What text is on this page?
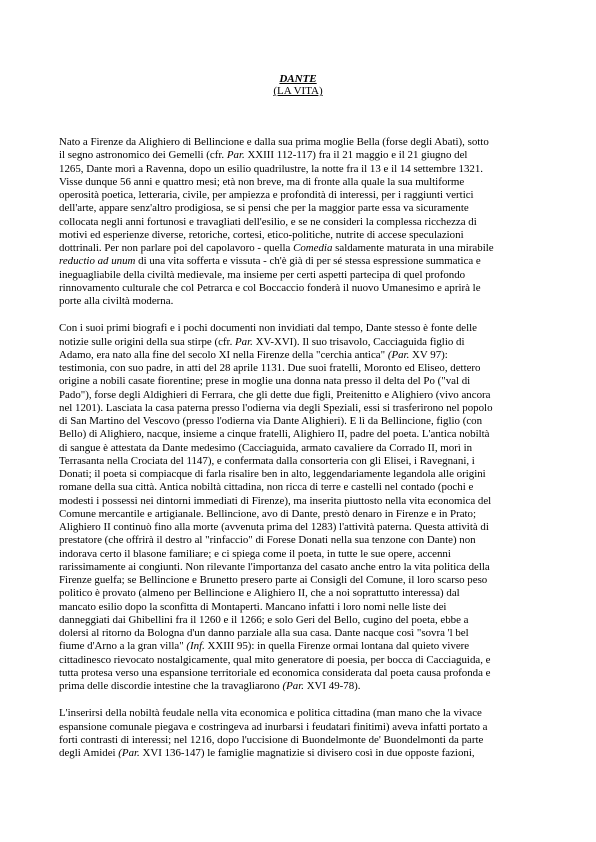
DANTE
(LA VITA)

Nato a Firenze da Alighiero di Bellincione e dalla sua prima moglie Bella (forse degli Abati), sotto
il segno astronomico dei Gemelli (cfr. Par. XXIII 112-117) fra il 21 maggio e il 21 giugno del
1265, Dante morì a Ravenna, dopo un esilio quadrilustre, la notte fra il 13 e il 14 settembre 1321.
Visse dunque 56 anni e quattro mesi; età non breve, ma di fronte alla quale la sua multiforme
operosità poetica, letteraria, civile, per ampiezza e profondità di interessi, per i raggiunti vertici
dell'arte, appare senz'altro prodigiosa, se si pensi che per la maggior parte essa va sicuramente
collocata negli anni fortunosi e travagliati dell'esilio, e se ne consideri la complessa ricchezza di
motivi ed esperienze diverse, retoriche, cortesi, etico-politiche, nutrite di accese speculazioni
dottrinali. Per non parlare poi del capolavoro - quella Comedia saldamente maturata in una mirabile
reductio ad unum di una vita sofferta e vissuta - ch'è già di per sé stessa espressione summatica e
ineguagliabile della civiltà medievale, ma insieme per certi aspetti partecipa di quel profondo
rinnovamento culturale che col Petrarca e col Boccaccio fonderà il nuovo Umanesimo e aprirà le
porte alla civiltà moderna.

Con i suoi primi biografi e i pochi documenti non invidiati dal tempo, Dante stesso è fonte delle
notizie sulle origini della sua stirpe (cfr. Par. XV-XVI). Il suo trisavolo, Cacciaguida figlio di
Adamo, era nato alla fine del secolo XI nella Firenze della "cerchia antica" (Par. XV 97):
testimonia, con suo padre, in atti del 28 aprile 1131. Due suoi fratelli, Moronto ed Eliseo, dettero
origine a nobili casate fiorentine; prese in moglie una donna nata presso il delta del Po ("val di
Pado"), forse degli Aldighieri di Ferrara, che gli dette due figli, Preitenitto e Alighiero (vivo ancora
nel 1201). Lasciata la casa paterna presso l'odierna via degli Speziali, essi si trasferirono nel popolo
di San Martino del Vescovo (presso l'odierna via Dante Alighieri). E lì da Bellincione, figlio (con
Bello) di Alighiero, nacque, insieme a cinque fratelli, Alighiero II, padre del poeta. L'antica nobiltà
di sangue è attestata da Dante medesimo (Cacciaguida, armato cavaliere da Corrado II, morì in
Terrasanta nella Crociata del 1147), e confermata dalla consorteria con gli Elisei, i Ravegnani, i
Donati; il poeta si compiacque di farla risalire ben in alto, leggendariamente legandola alle origini
romane della sua città. Antica nobiltà cittadina, non ricca di terre e castelli nel contado (pochi e
modesti i possessi nei dintorni immediati di Firenze), ma inserita piuttosto nella vita economica del
Comune mercantile e artigianale. Bellincione, avo di Dante, prestò denaro in Firenze e in Prato;
Alighiero II continuò fino alla morte (avvenuta prima del 1283) l'attività paterna. Questa attività di
prestatore (che offrirà il destro al "rinfaccio" di Forese Donati nella sua tenzone con Dante) non
indorava certo il blasone familiare; e ci spiega come il poeta, in tutte le sue opere, accenni
rarissimamente ai congiunti. Non rilevante l'importanza del casato anche entro la vita politica della
Firenze guelfa; se Bellincione e Brunetto presero parte ai Consigli del Comune, il loro scarso peso
politico è provato (almeno per Bellincione e Alighiero II, che a noi soprattutto interessa) dal
mancato esilio dopo la sconfitta di Montaperti. Mancano infatti i loro nomi nelle liste dei
danneggiati dai Ghibellini fra il 1260 e il 1266; e solo Geri del Bello, cugino del poeta, ebbe a
dolersi al ritorno da Bologna d'un danno parziale alla sua casa. Dante nacque così "sovra 'l bel
fiume d'Arno a la gran villa" (Inf. XXIII 95): in quella Firenze ormai lontana dal quieto vivere
cittadinesco rievocato nostalgicamente, qual mito generatore di poesia, per bocca di Cacciaguida, e
tutta protesa verso una espansione territoriale ed economica considerata dal poeta causa profonda e
prima delle discordie intestine che la travagliarono (Par. XVI 49-78).

L'inserirsi della nobiltà feudale nella vita economica e politica cittadina (man mano che la vivace
espansione comunale piegava e costringeva ad inurbarsi i feudatari finitimi) aveva infatti portato a
forti contrasti di interessi; nel 1216, dopo l'uccisione di Buondelmonte de' Buondelmonti da parte
degli Amidei (Par. XVI 136-147) le famiglie magnatizie si divisero così in due opposte fazioni,
